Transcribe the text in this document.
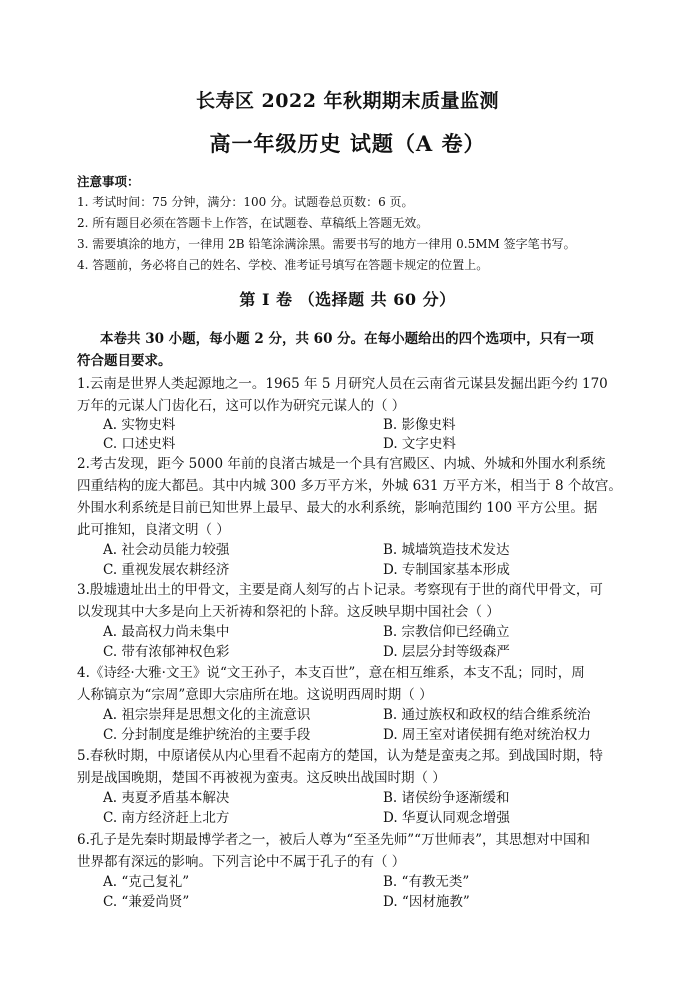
长寿区 2022 年秋期期末质量监测
高一年级历史 试题（A 卷）
注意事项：
1. 考试时间：75 分钟，满分：100 分。试题卷总页数：6 页。
2. 所有题目必须在答题卡上作答，在试题卷、草稿纸上答题无效。
3. 需要填涂的地方，一律用 2B 铅笔涂满涂黑。需要书写的地方一律用 0.5MM 签字笔书写。
4. 答题前，务必将自己的姓名、学校、准考证号填写在答题卡规定的位置上。
第 I 卷 （选择题 共 60 分）
本卷共 30 小题，每小题 2 分，共 60 分。在每小题给出的四个选项中，只有一项
符合题目要求。
1.云南是世界人类起源地之一。1965 年 5 月研究人员在云南省元谋县发掘出距今约 170
万年的元谋人门齿化石，这可以作为研究元谋人的（ ）
A. 实物史料	B. 影像史料
C. 口述史料	D. 文字史料
2.考古发现，距今 5000 年前的良渚古城是一个具有宫殿区、内城、外城和外围水利系统
四重结构的庞大都邑。其中内城 300 多万平方米，外城 631 万平方米，相当于 8 个故宫。
外围水利系统是目前已知世界上最早、最大的水利系统，影响范围约 100 平方公里。据
此可推知，良渚文明（ ）
A. 社会动员能力较强	B. 城墙筑造技术发达
C. 重视发展农耕经济	D. 专制国家基本形成
3.殷墟遗址出土的甲骨文，主要是商人刻写的占卜记录。考察现有于世的商代甲骨文，可
以发现其中大多是向上天祈祷和祭祀的卜辞。这反映早期中国社会（ ）
A. 最高权力尚未集中	B. 宗教信仰已经确立
C. 带有浓郁神权色彩	D. 层层分封等级森严
4.《诗经·大雅·文王》说“文王孙子，本支百世”，意在相互维系，本支不乱；同时，周
人称镐京为“宗周”意即大宗庙所在地。这说明西周时期（ ）
A. 祖宗崇拜是思想文化的主流意识	B. 通过族权和政权的结合维系统治
C. 分封制度是维护统治的主要手段	D. 周王室对诸侯拥有绝对统治权力
5.春秋时期，中原诸侯从内心里看不起南方的楚国，认为楚是蛮夷之邦。到战国时期，特
别是战国晚期，楚国不再被视为蛮夷。这反映出战国时期（ ）
A. 夷夏矛盾基本解决	B. 诸侯纷争逐渐缓和
C. 南方经济赶上北方	D. 华夏认同观念增强
6.孔子是先秦时期最博学者之一，被后人尊为“至圣先师”“万世师表”，其思想对中国和
世界都有深远的影响。下列言论中不属于孔子的有（ ）
A. “克己复礼”	B. “有教无类”
C. “兼爱尚贤”	D. “因材施教”
